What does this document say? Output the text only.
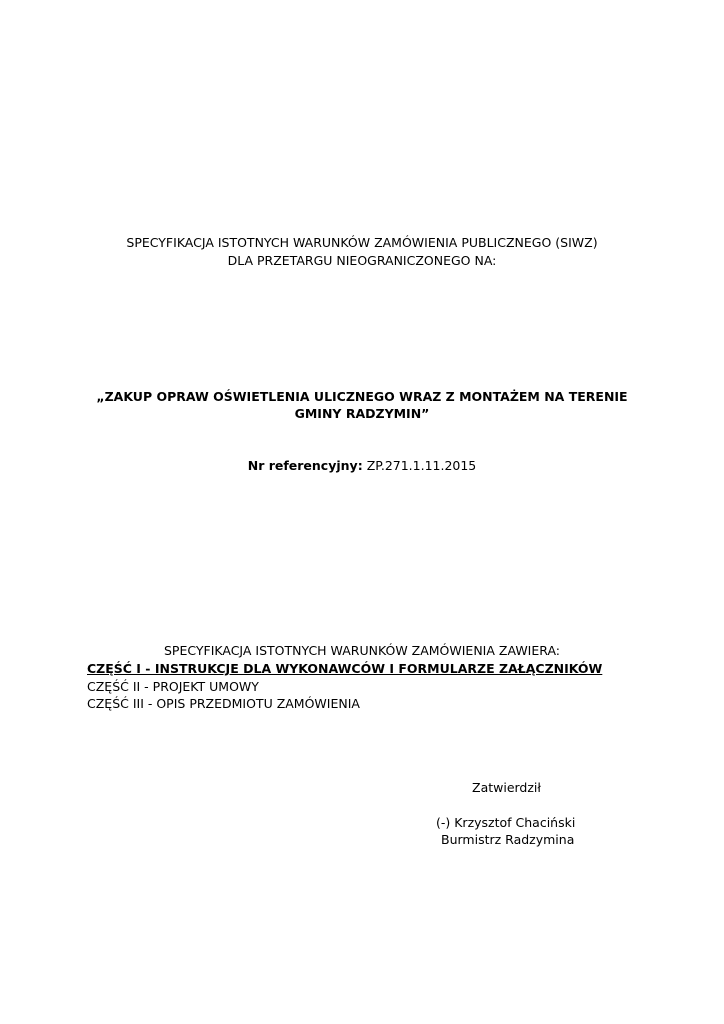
SPECYFIKACJA ISTOTNYCH WARUNKÓW ZAMÓWIENIA PUBLICZNEGO (SIWZ)
DLA PRZETARGU NIEOGRANICZONEGO NA:
„ZAKUP OPRAW OŚWIETLENIA ULICZNEGO WRAZ Z MONTAŻEM NA TERENIE
GMINY RADZYMIN”
Nr referencyjny: ZP.271.1.11.2015
SPECYFIKACJA ISTOTNYCH WARUNKÓW ZAMÓWIENIA ZAWIERA:
CZĘŚĆ I - INSTRUKCJE DLA WYKONAWCÓW I FORMULARZE ZAŁĄCZNIKÓW
CZĘŚĆ II - PROJEKT UMOWY
CZĘŚĆ III - OPIS PRZEDMIOTU ZAMÓWIENIA
Zatwierdził
(-) Krzysztof Chaciński
Burmistrz Radzymina
